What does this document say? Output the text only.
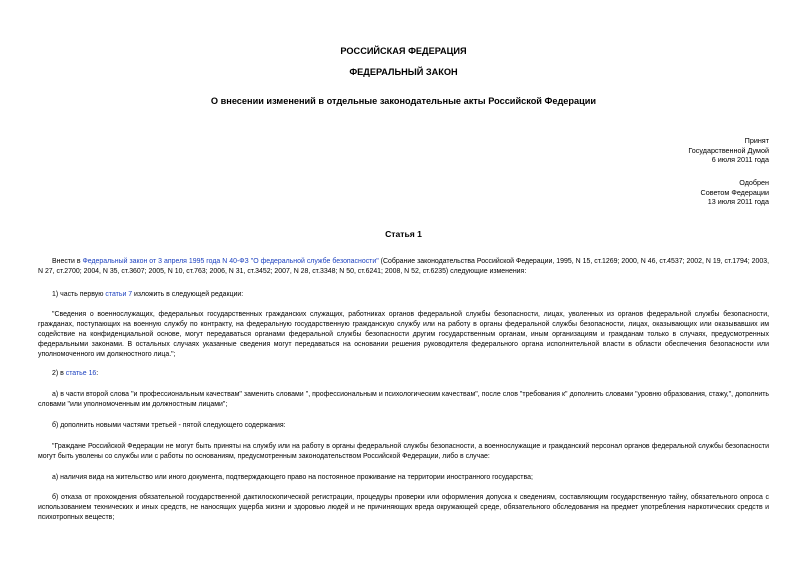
РОССИЙСКАЯ ФЕДЕРАЦИЯ
ФЕДЕРАЛЬНЫЙ ЗАКОН
О внесении изменений в отдельные законодательные акты Российской Федерации
Принят
Государственной Думой
6 июля 2011 года
Одобрен
Советом Федерации
13 июля 2011 года
Статья 1
Внести в Федеральный закон от 3 апреля 1995 года N 40-ФЗ "О федеральной службе безопасности" (Собрание законодательства Российской Федерации, 1995, N 15, ст.1269; 2000, N 46, ст.4537; 2002, N 19, ст.1794; 2003, N 27, ст.2700; 2004, N 35, ст.3607; 2005, N 10, ст.763; 2006, N 31, ст.3452; 2007, N 28, ст.3348; N 50, ст.6241; 2008, N 52, ст.6235) следующие изменения:
1) часть первую статьи 7 изложить в следующей редакции:
"Сведения о военнослужащих, федеральных государственных гражданских служащих, работниках органов федеральной службы безопасности, лицах, уволенных из органов федеральной службы безопасности, гражданах, поступающих на военную службу по контракту, на федеральную государственную гражданскую службу или на работу в органы федеральной службы безопасности, лицах, оказывающих или оказывавших им содействие на конфиденциальной основе, могут передаваться органами федеральной службы безопасности другим государственным органам, иным организациям и гражданам только в случаях, предусмотренных федеральными законами. В остальных случаях указанные сведения могут передаваться на основании решения руководителя федерального органа исполнительной власти в области обеспечения безопасности или уполномоченного им должностного лица.";
2) в статье 16:
а) в части второй слова "и профессиональным качествам" заменить словами ", профессиональным и психологическим качествам", после слов "требования к" дополнить словами "уровню образования, стажу,", дополнить словами "или уполномоченным им должностным лицами";
б) дополнить новыми частями третьей - пятой следующего содержания:
"Граждане Российской Федерации не могут быть приняты на службу или на работу в органы федеральной службы безопасности, а военнослужащие и гражданский персонал органов федеральной службы безопасности могут быть уволены со службы или с работы по основаниям, предусмотренным законодательством Российской Федерации, либо в случае:
а) наличия вида на жительство или иного документа, подтверждающего право на постоянное проживание на территории иностранного государства;
б) отказа от прохождения обязательной государственной дактилоскопической регистрации, процедуры проверки или оформления допуска к сведениям, составляющим государственную тайну, обязательного опроса с использованием технических и иных средств, не наносящих ущерба жизни и здоровью людей и не причиняющих вреда окружающей среде, обязательного обследования на предмет употребления наркотических средств и психотропных веществ;
